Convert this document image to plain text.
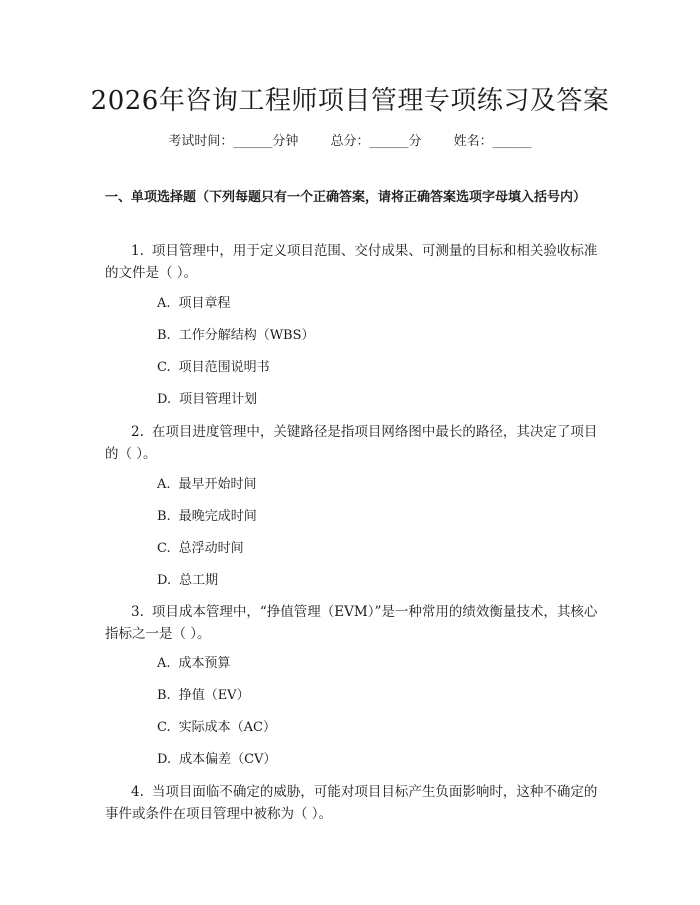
2026年咨询工程师项目管理专项练习及答案
考试时间：______分钟 总分：______分 姓名：______
一、单项选择题（下列每题只有一个正确答案，请将正确答案选项字母填入括号内）
1. 项目管理中，用于定义项目范围、交付成果、可测量的目标和相关验收标准的文件是（ ）。
A. 项目章程
B. 工作分解结构（WBS）
C. 项目范围说明书
D. 项目管理计划
2. 在项目进度管理中，关键路径是指项目网络图中最长的路径，其决定了项目的（ ）。
A. 最早开始时间
B. 最晚完成时间
C. 总浮动时间
D. 总工期
3. 项目成本管理中，“挣值管理（EVM）”是一种常用的绩效衡量技术，其核心指标之一是（ ）。
A. 成本预算
B. 挣值（EV）
C. 实际成本（AC）
D. 成本偏差（CV）
4. 当项目面临不确定的威胁，可能对项目目标产生负面影响时，这种不确定的事件或条件在项目管理中被称为（ ）。
